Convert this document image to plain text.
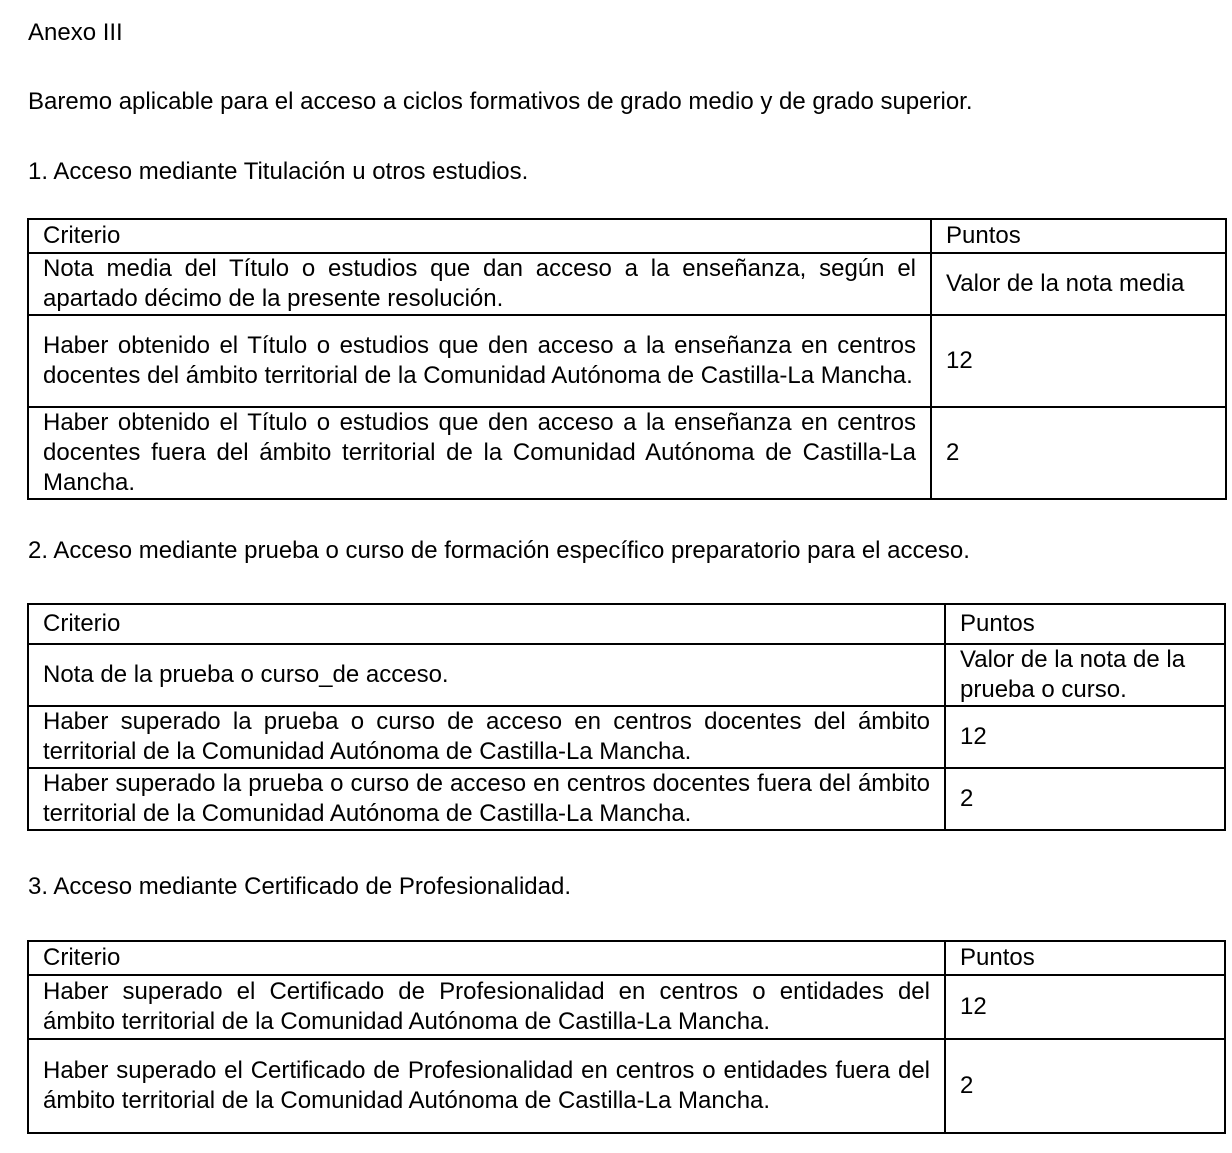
Anexo III
Baremo aplicable para el acceso a ciclos formativos de grado medio y de grado superior.
1. Acceso mediante Titulación u otros estudios.
Criterio	Puntos
Nota media del Título o estudios que dan acceso a la enseñanza, según el apartado décimo de la presente resolución.	Valor de la nota media
Haber obtenido el Título o estudios que den acceso a la enseñanza en centros docentes del ámbito territorial de la Comunidad Autónoma de Castilla-La Mancha.	12
Haber obtenido el Título o estudios que den acceso a la enseñanza en centros docentes fuera del ámbito territorial de la Comunidad Autónoma de Castilla-La Mancha.	2
2. Acceso mediante prueba o curso de formación específico preparatorio para el acceso.
Criterio	Puntos
Nota de la prueba o curso_de acceso.	Valor de la nota de la prueba o curso.
Haber superado la prueba o curso de acceso en centros docentes del ámbito territorial de la Comunidad Autónoma de Castilla-La Mancha.	12
Haber superado la prueba o curso de acceso en centros docentes fuera del ámbito territorial de la Comunidad Autónoma de Castilla-La Mancha.	2
3. Acceso mediante Certificado de Profesionalidad.
Criterio	Puntos
Haber superado el Certificado de Profesionalidad en centros o entidades del ámbito territorial de la Comunidad Autónoma de Castilla-La Mancha.	12
Haber superado el Certificado de Profesionalidad en centros o entidades fuera del ámbito territorial de la Comunidad Autónoma de Castilla-La Mancha.	2
